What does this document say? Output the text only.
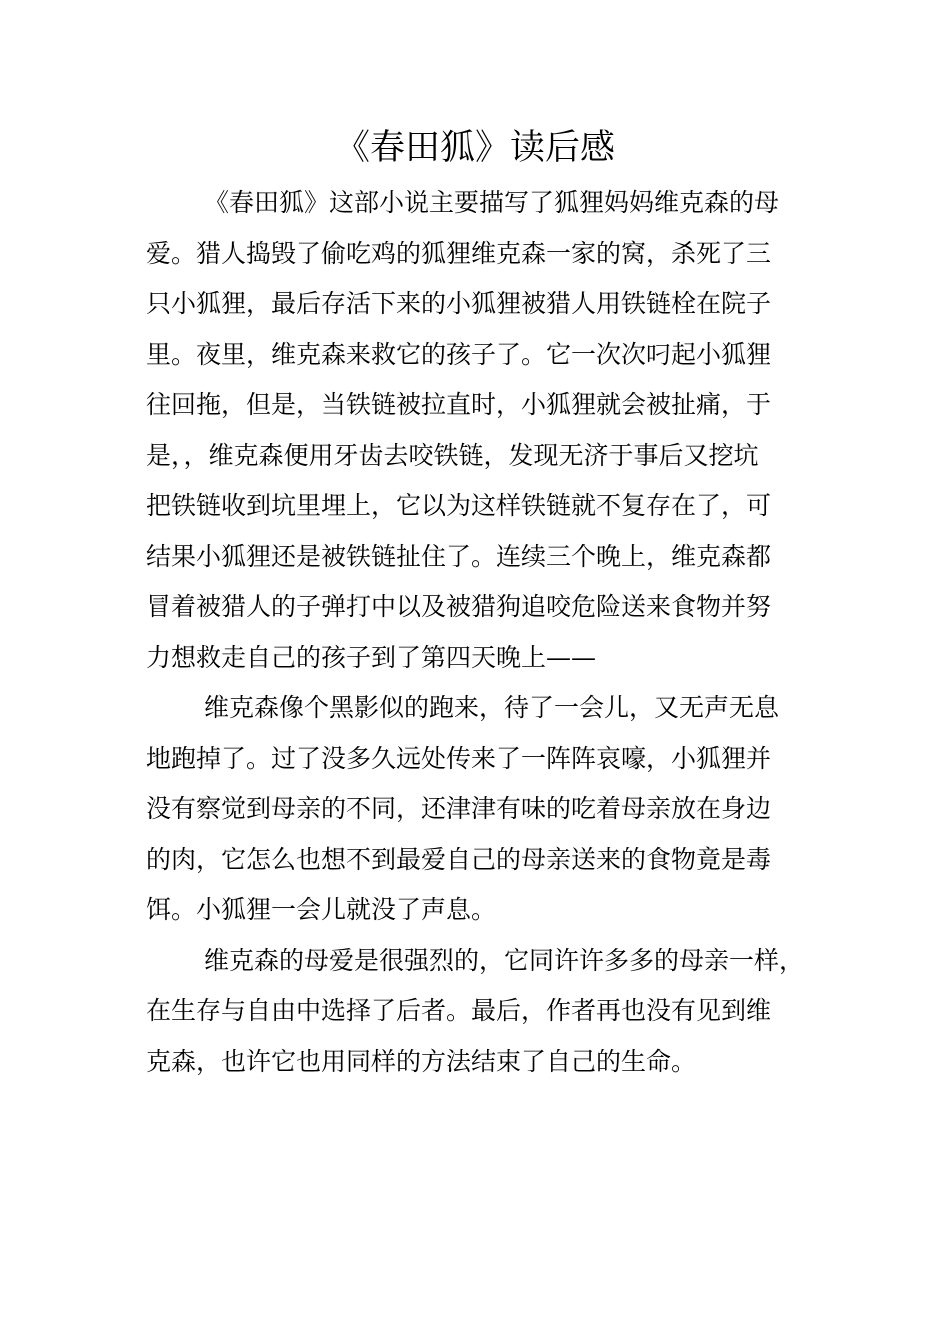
《春田狐》读后感
《春田狐》这部小说主要描写了狐狸妈妈维克森的母
爱。猎人捣毁了偷吃鸡的狐狸维克森一家的窝，杀死了三
只小狐狸，最后存活下来的小狐狸被猎人用铁链栓在院子
里。夜里，维克森来救它的孩子了。它一次次叼起小狐狸
往回拖，但是，当铁链被拉直时，小狐狸就会被扯痛，于
是，，维克森便用牙齿去咬铁链，发现无济于事后又挖坑
把铁链收到坑里埋上，它以为这样铁链就不复存在了，可
结果小狐狸还是被铁链扯住了。连续三个晚上，维克森都
冒着被猎人的子弹打中以及被猎狗追咬危险送来食物并努
力想救走自己的孩子到了第四天晚上——
维克森像个黑影似的跑来，待了一会儿，又无声无息
地跑掉了。过了没多久远处传来了一阵阵哀嚎，小狐狸并
没有察觉到母亲的不同，还津津有味的吃着母亲放在身边
的肉，它怎么也想不到最爱自己的母亲送来的食物竟是毒
饵。小狐狸一会儿就没了声息。
维克森的母爱是很强烈的，它同许许多多的母亲一样，
在生存与自由中选择了后者。最后，作者再也没有见到维
克森，也许它也用同样的方法结束了自己的生命。
